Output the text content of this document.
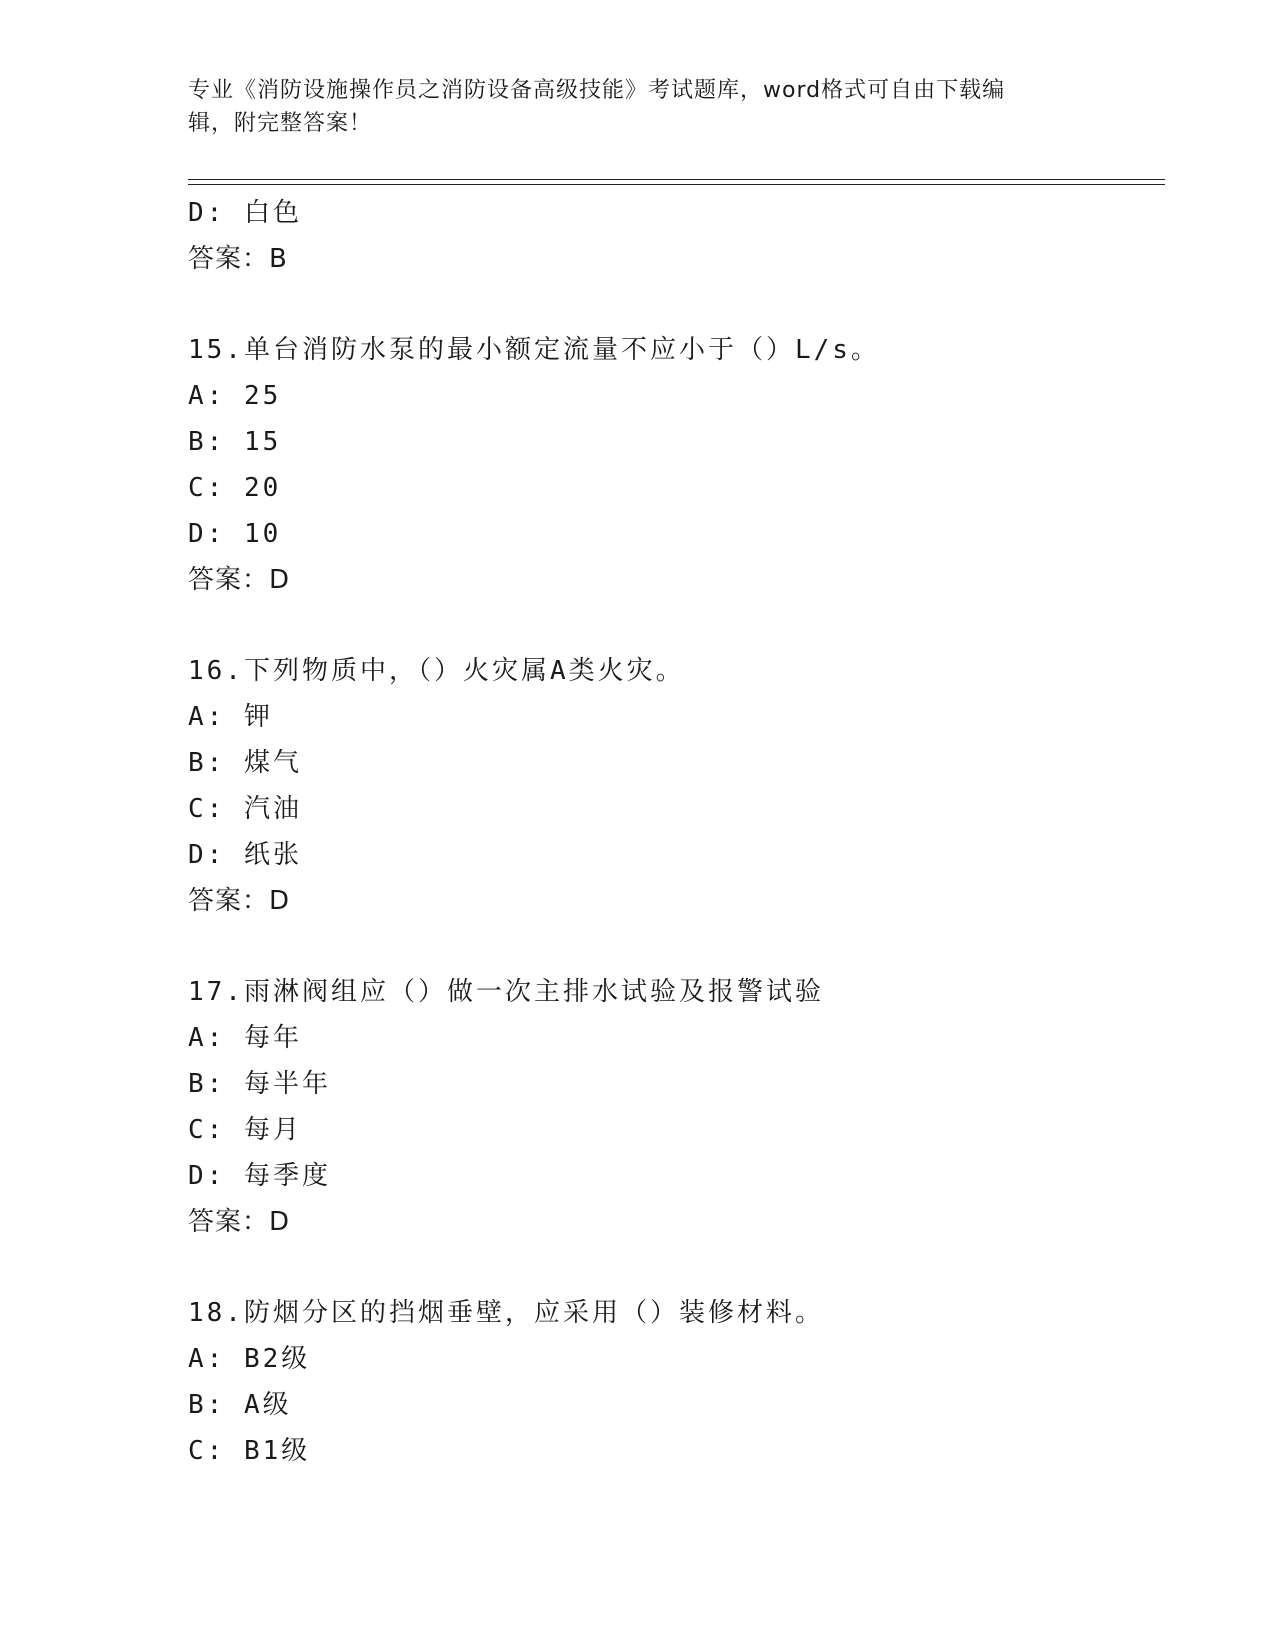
专业《消防设施操作员之消防设备高级技能》考试题库，word格式可自由下载编
辑，附完整答案！
D: 白色
答案：B
15.单台消防水泵的最小额定流量不应小于（）L/s。
A: 25
B: 15
C: 20
D: 10
答案：D
16.下列物质中，（）火灾属A类火灾。
A: 钾
B: 煤气
C: 汽油
D: 纸张
答案：D
17.雨淋阀组应（）做一次主排水试验及报警试验
A: 每年
B: 每半年
C: 每月
D: 每季度
答案：D
18.防烟分区的挡烟垂壁，应采用（）装修材料。
A: B2级
B: A级
C: B1级
